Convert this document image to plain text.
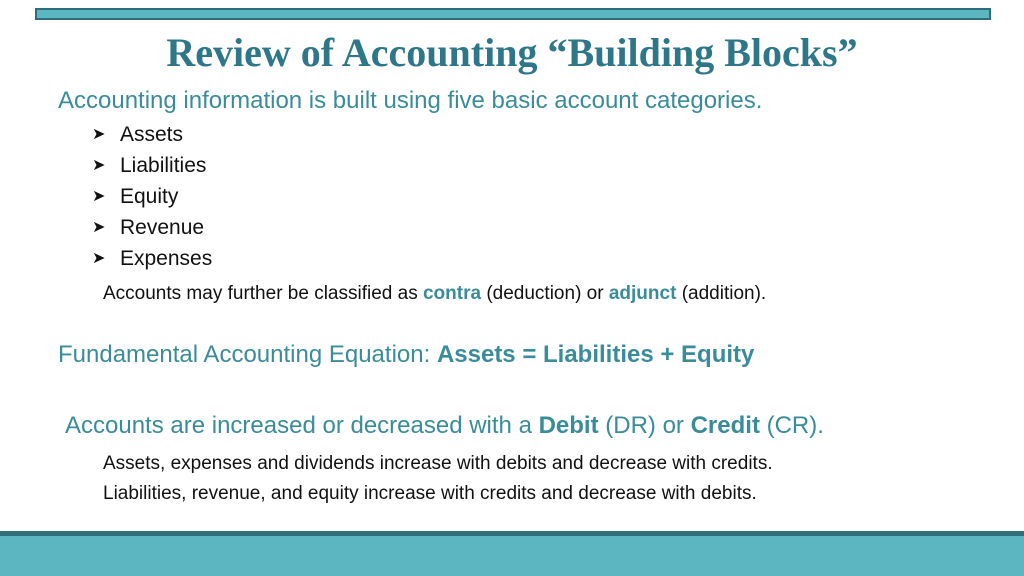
Review of Accounting “Building Blocks”
Accounting information is built using five basic account categories.
➤ Assets
➤ Liabilities
➤ Equity
➤ Revenue
➤ Expenses
Accounts may further be classified as contra (deduction) or adjunct (addition).
Fundamental Accounting Equation: Assets = Liabilities + Equity
Accounts are increased or decreased with a Debit (DR) or Credit (CR).
Assets, expenses and dividends increase with debits and decrease with credits.
Liabilities, revenue, and equity increase with credits and decrease with debits.
